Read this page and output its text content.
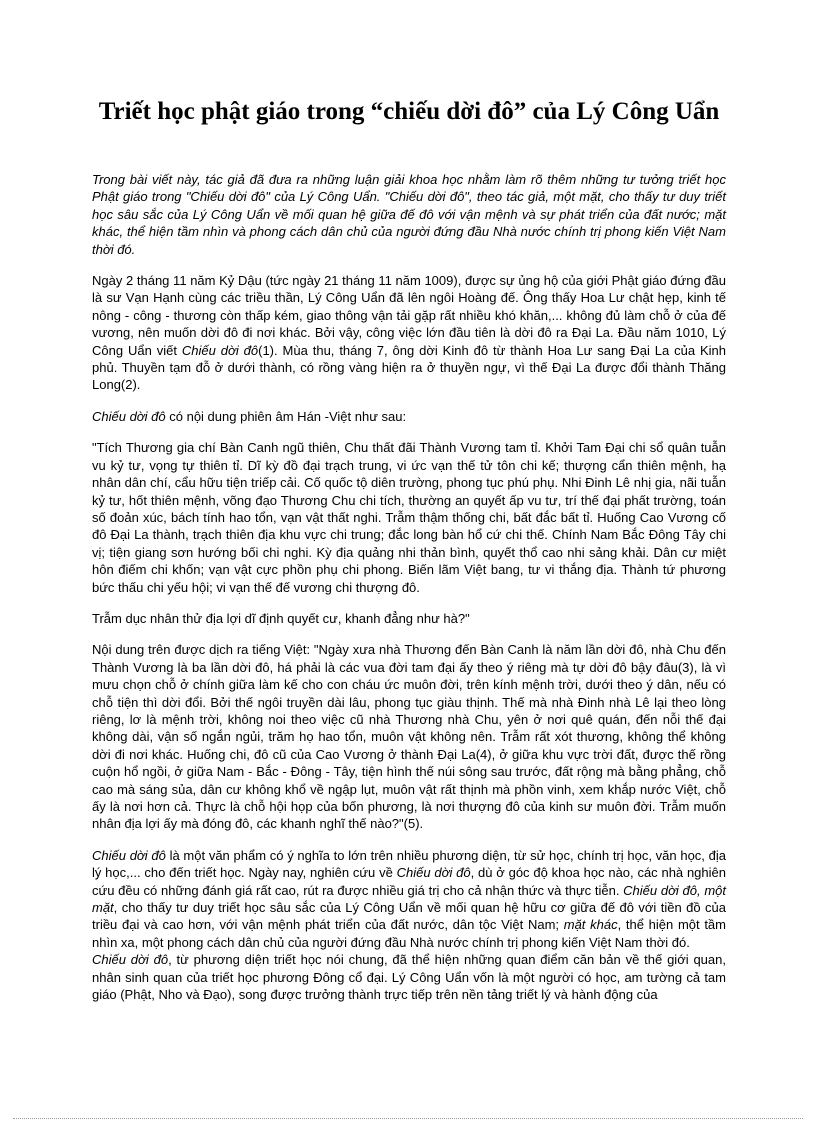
Triết học phật giáo trong “chiếu dời đô” của Lý Công Uẩn

Trong bài viết này, tác giả đã đưa ra những luận giải khoa học nhằm làm rõ thêm những tư tưởng triết học Phật giáo trong "Chiếu dời đô" của Lý Công Uẩn. "Chiếu dời đô", theo tác giả, một mặt, cho thấy tư duy triết học sâu sắc của Lý Công Uẩn về mối quan hệ giữa đế đô với vận mệnh và sự phát triển của đất nước; mặt khác, thể hiện tầm nhìn và phong cách dân chủ của người đứng đầu Nhà nước chính trị phong kiến Việt Nam thời đó.

Ngày 2 tháng 11 năm Kỷ Dậu (tức ngày 21 tháng 11 năm 1009), được sự ủng hộ của giới Phật giáo đứng đầu là sư Vạn Hạnh cùng các triều thần, Lý Công Uẩn đã lên ngôi Hoàng đế. Ông thấy Hoa Lư chật hẹp, kinh tế nông - công - thương còn thấp kém, giao thông vận tải gặp rất nhiều khó khăn,... không đủ làm chỗ ở của đế vương, nên muốn dời đô đi nơi khác. Bởi vậy, công việc lớn đầu tiên là dời đô ra Đại La. Đầu năm 1010, Lý Công Uẩn viết Chiếu dời đô(1). Mùa thu, tháng 7, ông dời Kinh đô từ thành Hoa Lư sang Đại La của Kinh phủ. Thuyền tạm đỗ ở dưới thành, có rồng vàng hiện ra ở thuyền ngự, vì thế Đại La được đổi thành Thăng Long(2).

Chiếu dời đô có nội dung phiên âm Hán -Việt như sau:

"Tích Thương gia chí Bàn Canh ngũ thiên, Chu thất đãi Thành Vương tam tỉ. Khởi Tam Đại chi sổ quân tuẫn vu kỷ tư, vọng tự thiên tỉ. Dĩ kỳ đồ đại trạch trung, vi ức vạn thế tử tôn chi kế; thượng cẩn thiên mệnh, hạ nhân dân chí, cẩu hữu tiện triếp cải. Cố quốc tộ diên trường, phong tục phú phụ. Nhi Đinh Lê nhị gia, nãi tuẫn kỷ tư, hốt thiên mệnh, võng đạo Thương Chu chi tích, thường an quyết ấp vu tư, trí thế đại phất trường, toán số đoản xúc, bách tính hao tổn, vạn vật thất nghi. Trẫm thậm thống chi, bất đắc bất tỉ. Huống Cao Vương cố đô Đại La thành, trạch thiên địa khu vực chi trung; đắc long bàn hổ cứ chi thế. Chính Nam Bắc Đông Tây chi vị; tiện giang sơn hướng bối chi nghi. Kỳ địa quảng nhi thản bình, quyết thổ cao nhi sảng khải. Dân cư miệt hôn điếm chi khốn; vạn vật cực phồn phụ chi phong. Biến lãm Việt bang, tư vi thắng địa. Thành tứ phương bức thấu chi yếu hội; vi vạn thế đế vương chi thượng đô.

Trẫm dục nhân thử địa lợi dĩ định quyết cư, khanh đẳng như hà?"

Nội dung trên được dịch ra tiếng Việt: "Ngày xưa nhà Thương đến Bàn Canh là năm lần dời đô, nhà Chu đến Thành Vương là ba lần dời đô, há phải là các vua đời tam đại ấy theo ý riêng mà tự dời đô bậy đâu(3), là vì mưu chọn chỗ ở chính giữa làm kế cho con cháu ức muôn đời, trên kính mệnh trời, dưới theo ý dân, nếu có chỗ tiện thì dời đổi. Bởi thế ngôi truyền dài lâu, phong tục giàu thịnh. Thế mà nhà Đinh nhà Lê lại theo lòng riêng, lơ là mệnh trời, không noi theo việc cũ nhà Thương nhà Chu, yên ở nơi quê quán, đến nỗi thế đại không dài, vận số ngắn ngủi, trăm họ hao tổn, muôn vật không nên. Trẫm rất xót thương, không thể không dời đi nơi khác. Huống chi, đô cũ của Cao Vương ở thành Đại La(4), ở giữa khu vực trời đất, được thế rồng cuộn hổ ngồi, ở giữa Nam - Bắc - Đông - Tây, tiện hình thế núi sông sau trước, đất rộng mà bằng phẳng, chỗ cao mà sáng sủa, dân cư không khổ về ngập lụt, muôn vật rất thịnh mà phồn vinh, xem khắp nước Việt, chỗ ấy là nơi hơn cả. Thực là chỗ hội họp của bốn phương, là nơi thượng đô của kinh sư muôn đời. Trẫm muốn nhân địa lợi ấy mà đóng đô, các khanh nghĩ thế nào?"(5).

Chiếu dời đô là một văn phẩm có ý nghĩa to lớn trên nhiều phương diện, từ sử học, chính trị học, văn học, địa lý học,... cho đến triết học. Ngày nay, nghiên cứu về Chiếu dời đô, dù ở góc độ khoa học nào, các nhà nghiên cứu đều có những đánh giá rất cao, rút ra được nhiều giá trị cho cả nhận thức và thực tiễn. Chiếu dời đô, một mặt, cho thấy tư duy triết học sâu sắc của Lý Công Uẩn về mối quan hệ hữu cơ giữa đế đô với tiền đồ của triều đại và cao hơn, với vận mệnh phát triển của đất nước, dân tộc Việt Nam; mặt khác, thể hiện một tầm nhìn xa, một phong cách dân chủ của người đứng đầu Nhà nước chính trị phong kiến Việt Nam thời đó.

Chiếu dời đô, từ phương diện triết học nói chung, đã thể hiện những quan điểm căn bản về thế giới quan, nhân sinh quan của triết học phương Đông cổ đại. Lý Công Uẩn vốn là một người có học, am tường cả tam giáo (Phật, Nho và Đạo), song được trưởng thành trực tiếp trên nền tảng triết lý và hành động của
